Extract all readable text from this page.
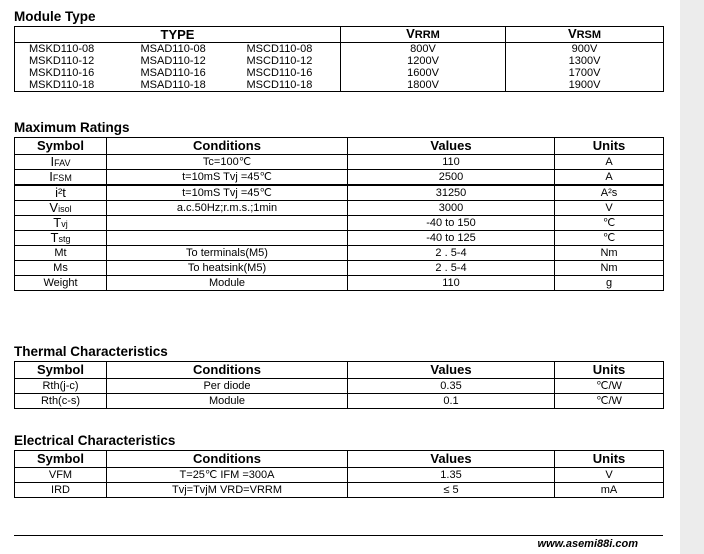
Module Type
TYPE			VRRM	VRSM
MSKD110-08	MSAD110-08	MSCD110-08	800V	900V
MSKD110-12	MSAD110-12	MSCD110-12	1200V	1300V
MSKD110-16	MSAD110-16	MSCD110-16	1600V	1700V
MSKD110-18	MSAD110-18	MSCD110-18	1800V	1900V
Maximum Ratings
Symbol	Conditions	Values	Units
IFAV	Tc=100℃	110	A
IFSM	t=10mS Tvj =45℃	2500	A
i²t	t=10mS Tvj =45℃	31250	A²s
Visol	a.c.50Hz;r.m.s.;1min	3000	V
Tvj		-40 to 150	℃
Tstg		-40 to 125	℃
Mt	To terminals(M5)	2 . 5-4	Nm
Ms	To heatsink(M5)	2 . 5-4	Nm
Weight	Module	110	g
Thermal Characteristics
Symbol	Conditions	Values	Units
Rth(j-c)	Per diode	0.35	℃/W
Rth(c-s)	Module	0.1	℃/W
Electrical Characteristics
Symbol	Conditions	Values	Units
VFM	T=25℃ IFM =300A	1.35	V
IRD	Tvj=TvjM VRD=VRRM	≤ 5	mA
www.asemi88i.com
